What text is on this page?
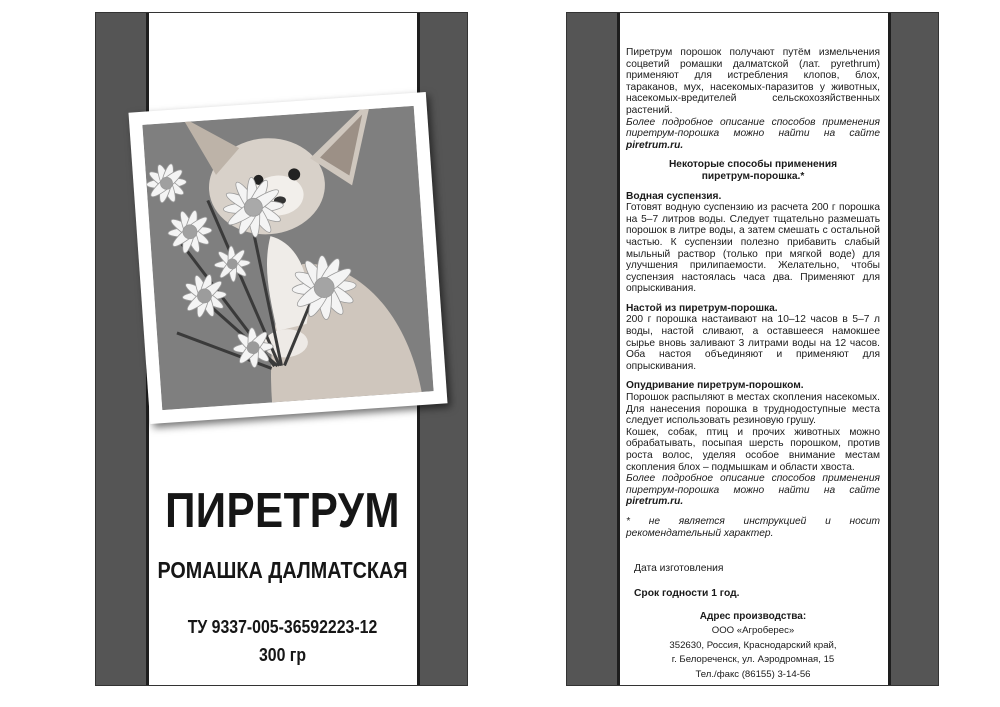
ПИРЕТРУМ
РОМАШКА ДАЛМАТСКАЯ
ТУ 9337-005-36592223-12
300 гр

Пиретрум порошок получают путём измельчения соцветий ромашки далматской (лат. pyrethrum) применяют для истребления клопов, блох, тараканов, мух, насекомых-паразитов у животных, насекомых-вредителей сельскохозяйственных растений.

Более подробное описание способов применения пиретрум-порошка можно найти на сайте piretrum.ru.

Некоторые способы применения
пиретрум-порошка.*

Водная суспензия.

Готовят водную суспензию из расчета 200 г порошка на 5–7 литров воды. Следует тщательно размешать порошок в литре воды, а затем смешать с остальной частью. К суспензии полезно прибавить слабый мыльный раствор (только при мягкой воде) для улучшения прилипаемости. Желательно, чтобы суспензия настоялась часа два. Применяют для опрыскивания.

Настой из пиретрум-порошка.

200 г порошка настаивают на 10–12 часов в 5–7 л воды, настой сливают, а оставшееся намокшее сырье вновь заливают 3 литрами воды на 12 часов. Оба настоя объединяют и применяют для опрыскивания.

Опудривание пиретрум-порошком.

Порошок распыляют в местах скопления насекомых. Для нанесения порошка в труднодоступные места следует использовать резиновую грушу.

Кошек, собак, птиц и прочих животных можно обрабатывать, посыпая шерсть порошком, против роста волос, уделяя особое внимание местам скопления блох – подмышкам и области хвоста.

Более подробное описание способов применения пиретрум-порошка можно найти на сайте piretrum.ru.

* не является инструкцией и носит рекомендательный характер.

Дата изготовления
Срок годности 1 год.
Адрес производства:
ООО «Агроберес»
352630, Россия, Краснодарский край,
г. Белореченск, ул. Аэродромная, 15
Тел./факс (86155) 3-14-56
